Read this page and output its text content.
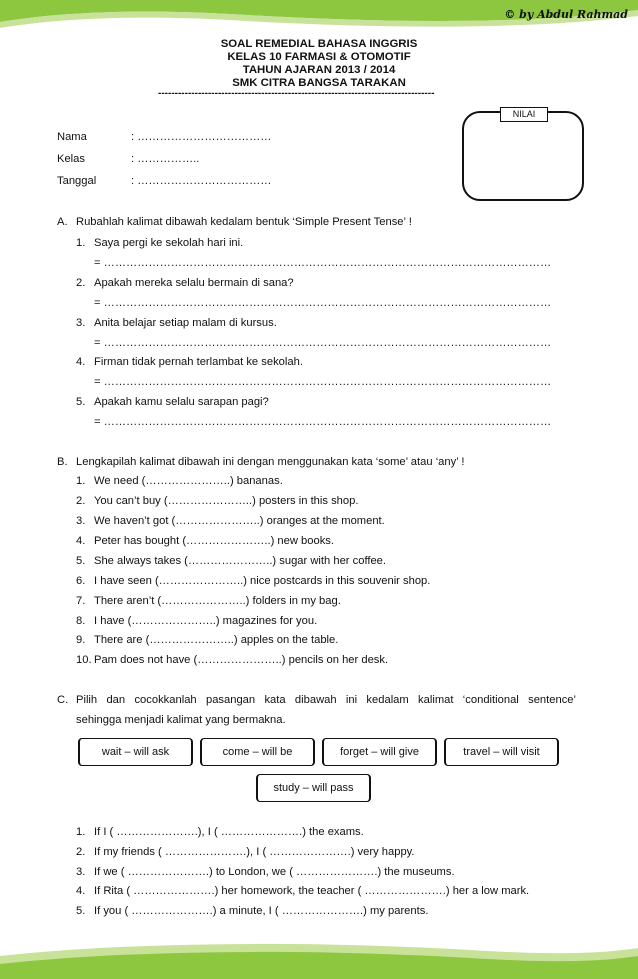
© by Abdul Rahmad
SOAL REMEDIAL BAHASA INGGRIS
KELAS 10 FARMASI & OTOMOTIF
TAHUN AJARAN 2013 / 2014
SMK CITRA BANGSA TARAKAN
-----------------------------------------------------------------------------------
NILAI
Nama	: ………………………………
Kelas	: ……………..
Tanggal	: ………………………………
A. Rubahlah kalimat dibawah kedalam bentuk ‘Simple Present Tense’ !
1. Saya pergi ke sekolah hari ini.
= …………………………………………………………………………………………………………
2. Apakah mereka selalu bermain di sana?
= …………………………………………………………………………………………………………
3. Anita belajar setiap malam di kursus.
= …………………………………………………………………………………………………………
4. Firman tidak pernah terlambat ke sekolah.
= …………………………………………………………………………………………………………
5. Apakah kamu selalu sarapan pagi?
= …………………………………………………………………………………………………………
B. Lengkapilah kalimat dibawah ini dengan menggunakan kata ‘some’ atau ‘any’ !
1. We need (…………………..) bananas.
2. You can’t buy (…………………..) posters in this shop.
3. We haven’t got (…………………..) oranges at the moment.
4. Peter has bought (…………………..) new books.
5. She always takes (…………………..) sugar with her coffee.
6. I have seen (…………………..) nice postcards in this souvenir shop.
7. There aren’t (…………………..) folders in my bag.
8. I have (…………………..) magazines for you.
9. There are (…………………..) apples on the table.
10. Pam does not have (…………………..) pencils on her desk.
C. Pilih   dan   cocokkanlah   pasangan   kata   dibawah   ini   kedalam   kalimat   ‘conditional   sentence’
sehingga menjadi kalimat yang bermakna.
wait – will ask	come – will be	forget – will give	travel – will visit
study – will pass
1. If I ( ………………….), I ( ………………….) the exams.
2. If my friends ( ………………….), I ( ………………….) very happy.
3. If we ( ………………….) to London, we ( ………………….) the museums.
4. If Rita ( ………………….) her homework, the teacher ( ………………….) her a low mark.
5. If you ( ………………….) a minute, I ( ………………….) my parents.
